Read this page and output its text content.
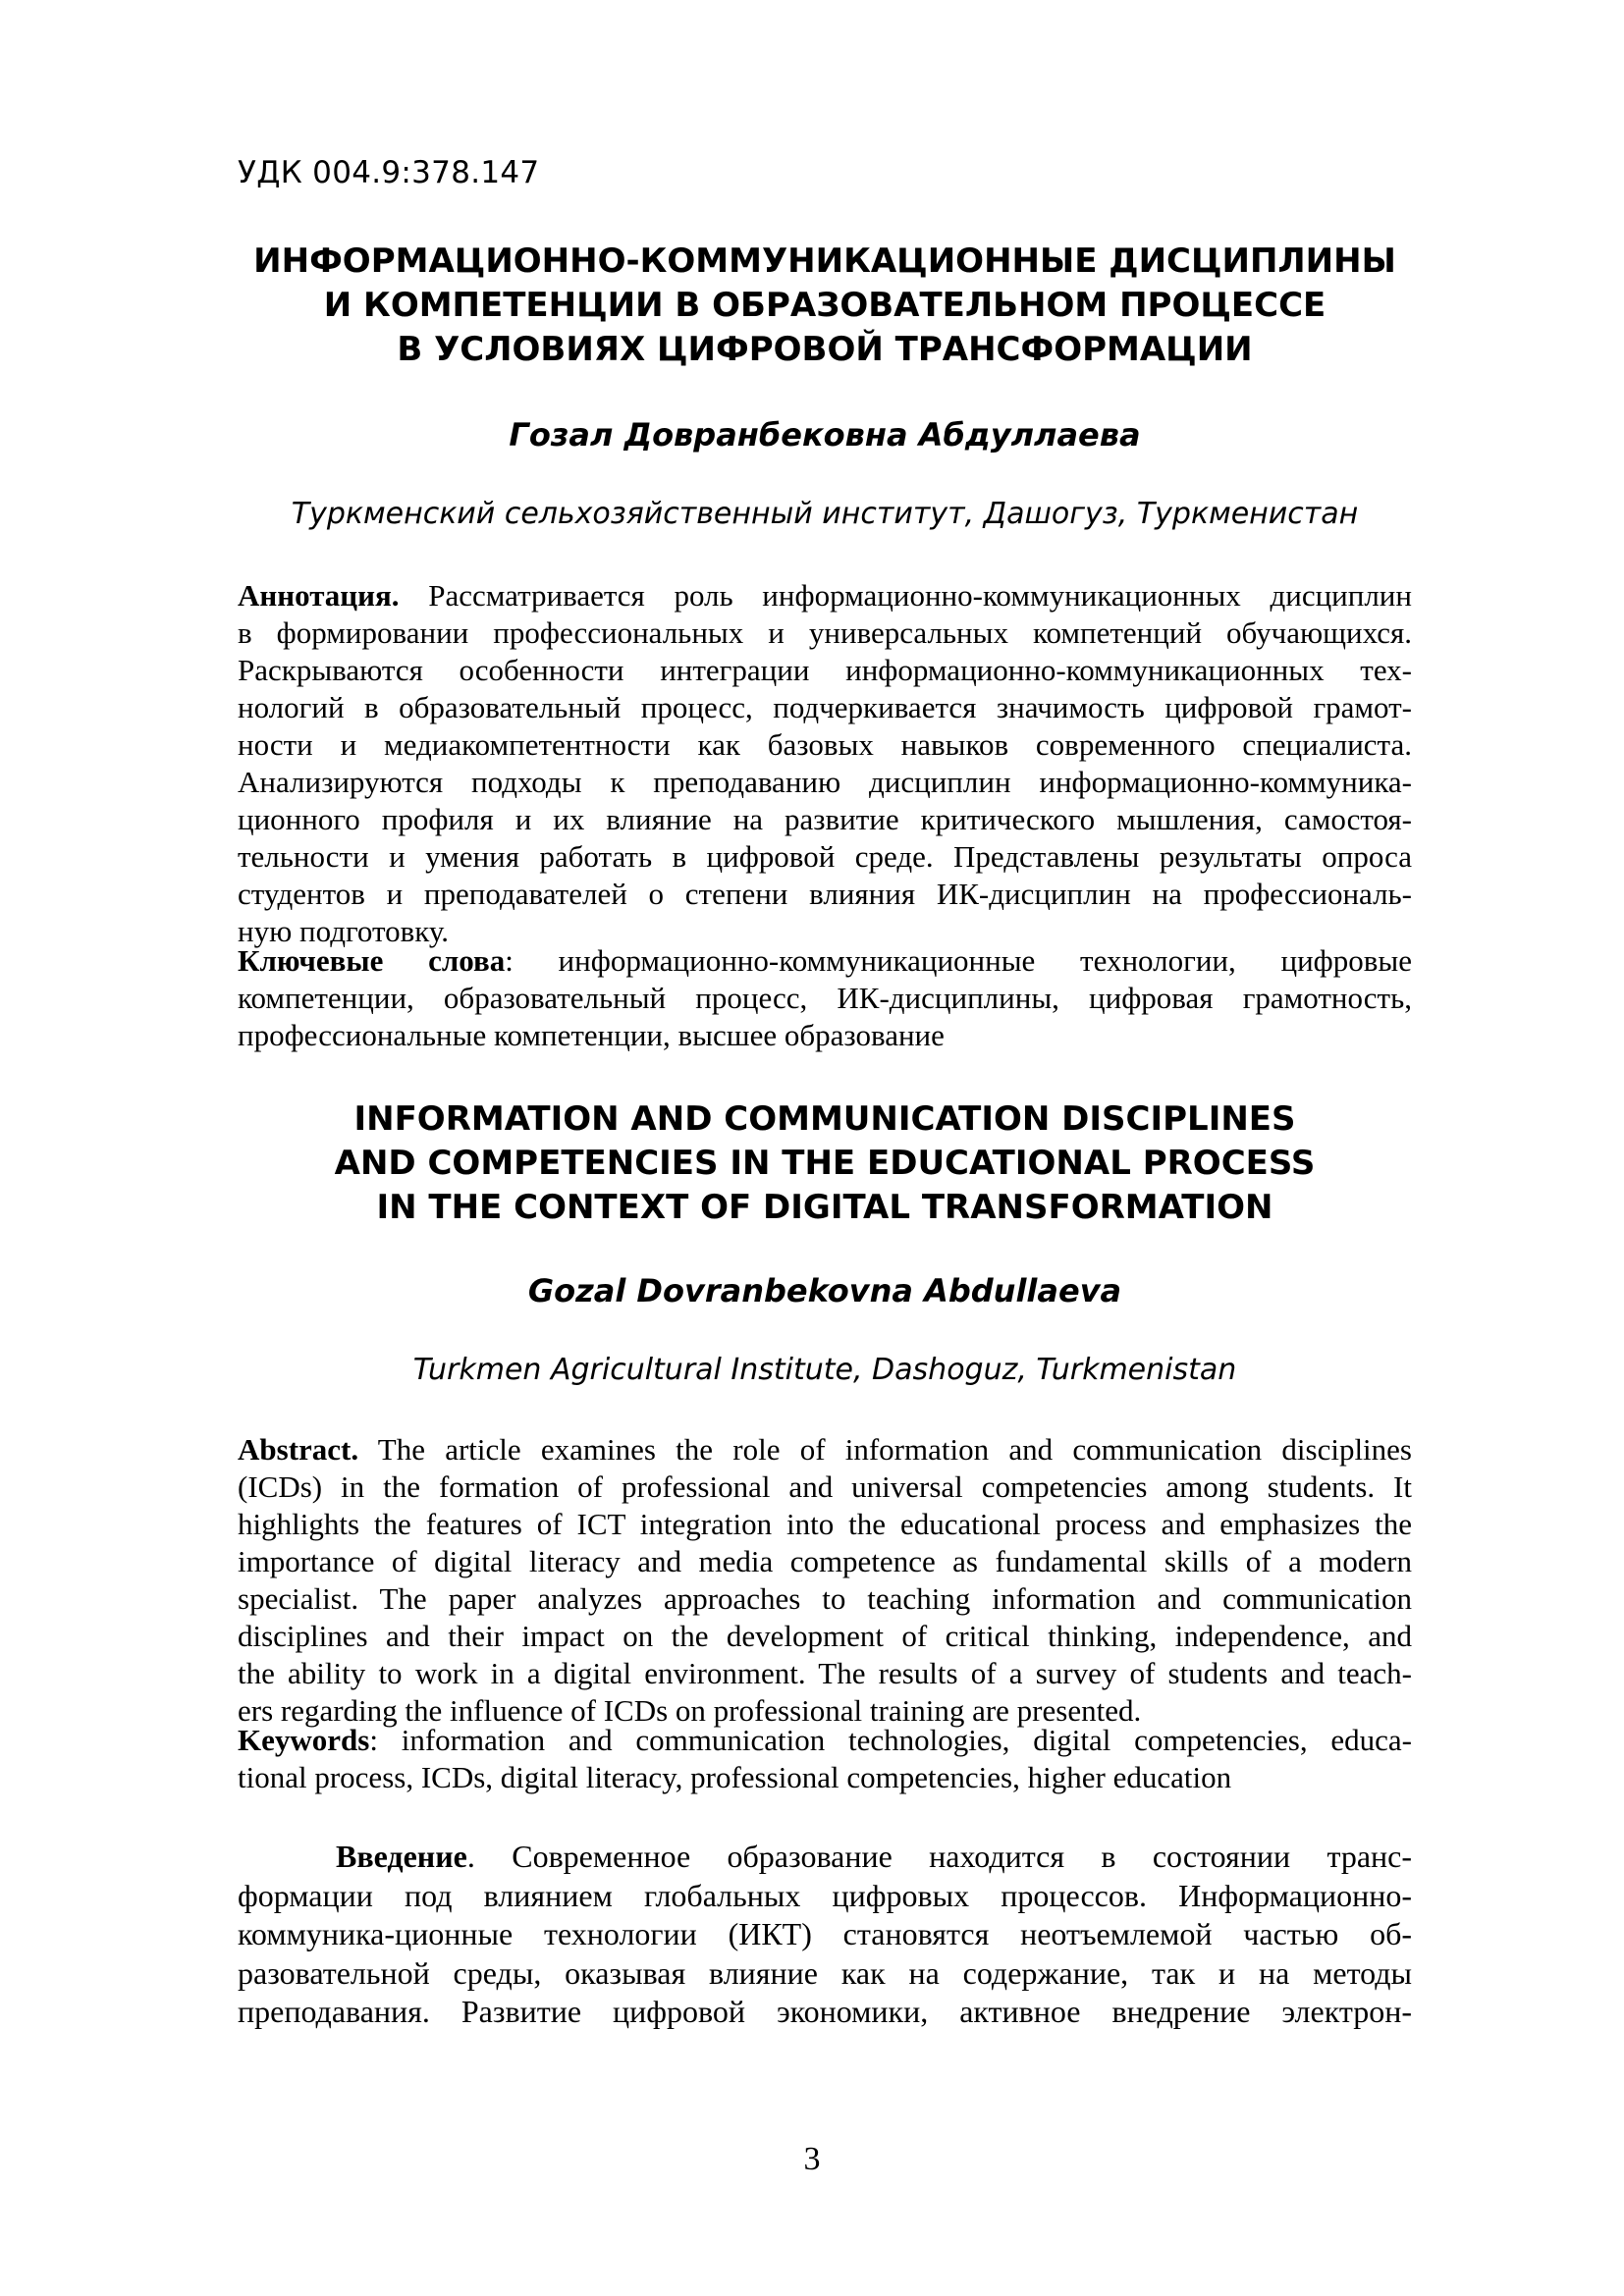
УДК 004.9:378.147
ИНФОРМАЦИОННО-КОММУНИКАЦИОННЫЕ ДИСЦИПЛИНЫ
И КОМПЕТЕНЦИИ В ОБРАЗОВАТЕЛЬНОМ ПРОЦЕССЕ
В УСЛОВИЯХ ЦИФРОВОЙ ТРАНСФОРМАЦИИ
Гозал Довранбековна Абдуллаева
Туркменский сельхозяйственный институт, Дашогуз, Туркменистан
Аннотация. Рассматривается роль информационно-коммуникационных дисциплин
в формировании профессиональных и универсальных компетенций обучающихся.
Раскрываются особенности интеграции информационно-коммуникационных тех-
нологий в образовательный процесс, подчеркивается значимость цифровой грамот-
ности и медиакомпетентности как базовых навыков современного специалиста.
Анализируются подходы к преподаванию дисциплин информационно-коммуника-
ционного профиля и их влияние на развитие критического мышления, самостоя-
тельности и умения работать в цифровой среде. Представлены результаты опроса
студентов и преподавателей о степени влияния ИК-дисциплин на профессиональ-
ную подготовку.
Ключевые слова: информационно-коммуникационные технологии, цифровые
компетенции, образовательный процесс, ИК-дисциплины, цифровая грамотность,
профессиональные компетенции, высшее образование
INFORMATION AND COMMUNICATION DISCIPLINES
AND COMPETENCIES IN THE EDUCATIONAL PROCESS
IN THE CONTEXT OF DIGITAL TRANSFORMATION
Gozal Dovranbekovna Abdullaeva
Turkmen Agricultural Institute, Dashoguz, Turkmenistan
Abstract. The article examines the role of information and communication disciplines
(ICDs) in the formation of professional and universal competencies among students. It
highlights the features of ICT integration into the educational process and emphasizes the
importance of digital literacy and media competence as fundamental skills of a modern
specialist. The paper analyzes approaches to teaching information and communication
disciplines and their impact on the development of critical thinking, independence, and
the ability to work in a digital environment. The results of a survey of students and teach-
ers regarding the influence of ICDs on professional training are presented.
Keywords: information and communication technologies, digital competencies, educa-
tional process, ICDs, digital literacy, professional competencies, higher education
Введение. Современное образование находится в состоянии транс-
формации под влиянием глобальных цифровых процессов. Информационно-
коммуника-ционные технологии (ИКТ) становятся неотъемлемой частью об-
разовательной среды, оказывая влияние как на содержание, так и на методы
преподавания. Развитие цифровой экономики, активное внедрение электрон-
3
